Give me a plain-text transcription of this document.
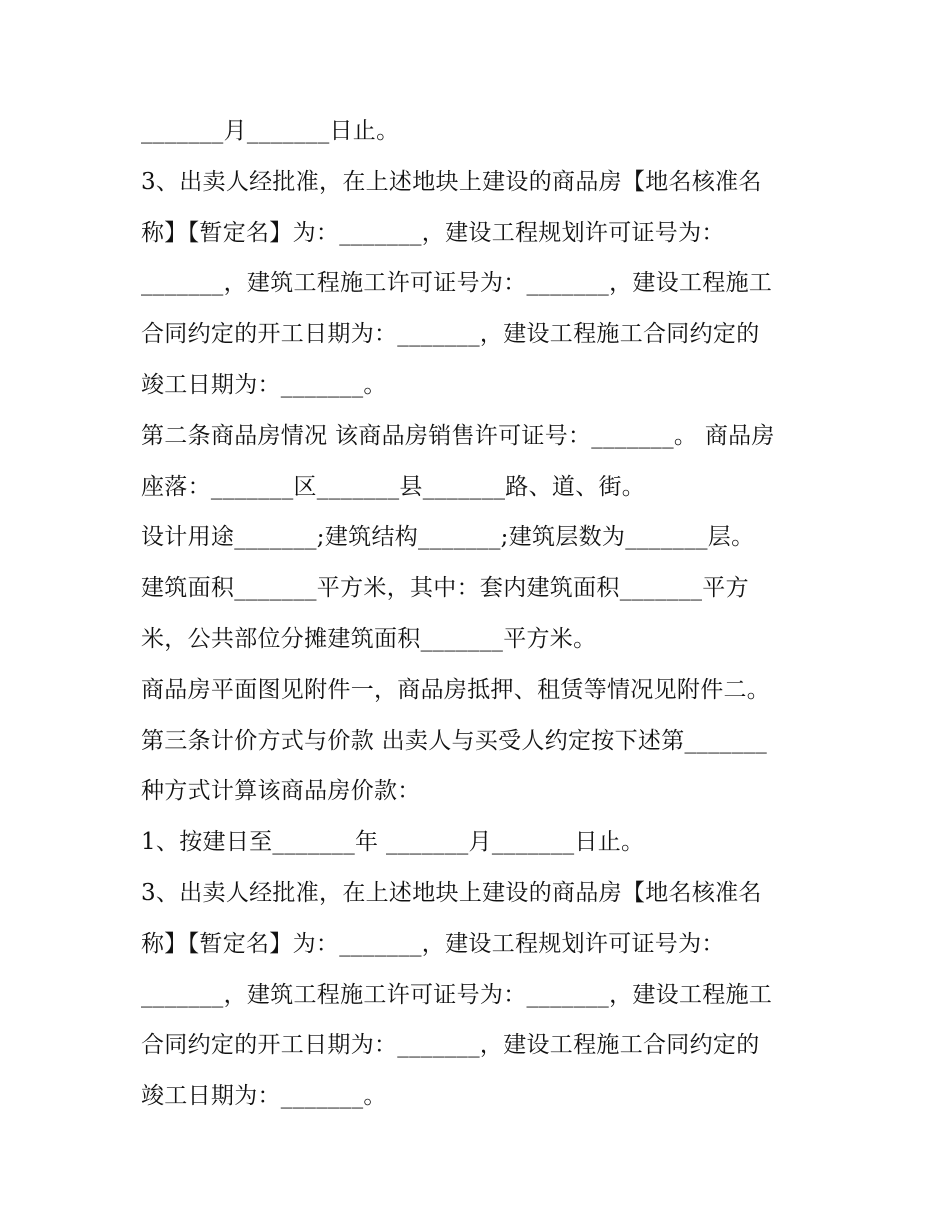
_______月_______日止。
3、出卖人经批准，在上述地块上建设的商品房【地名核准名
称】【暂定名】为：_______，建设工程规划许可证号为：
_______，建筑工程施工许可证号为：_______，建设工程施工
合同约定的开工日期为：_______，建设工程施工合同约定的
竣工日期为：_______。
第二条商品房情况 该商品房销售许可证号：_______。 商品房
座落：_______区_______县_______路、道、街。
设计用途_______;建筑结构_______;建筑层数为_______层。
建筑面积_______平方米，其中：套内建筑面积_______平方
米，公共部位分摊建筑面积_______平方米。
商品房平面图见附件一，商品房抵押、租赁等情况见附件二。
第三条计价方式与价款 出卖人与买受人约定按下述第_______
种方式计算该商品房价款：
1、按建日至_______年 _______月_______日止。
3、出卖人经批准，在上述地块上建设的商品房【地名核准名
称】【暂定名】为：_______，建设工程规划许可证号为：
_______，建筑工程施工许可证号为：_______，建设工程施工
合同约定的开工日期为：_______，建设工程施工合同约定的
竣工日期为：_______。
